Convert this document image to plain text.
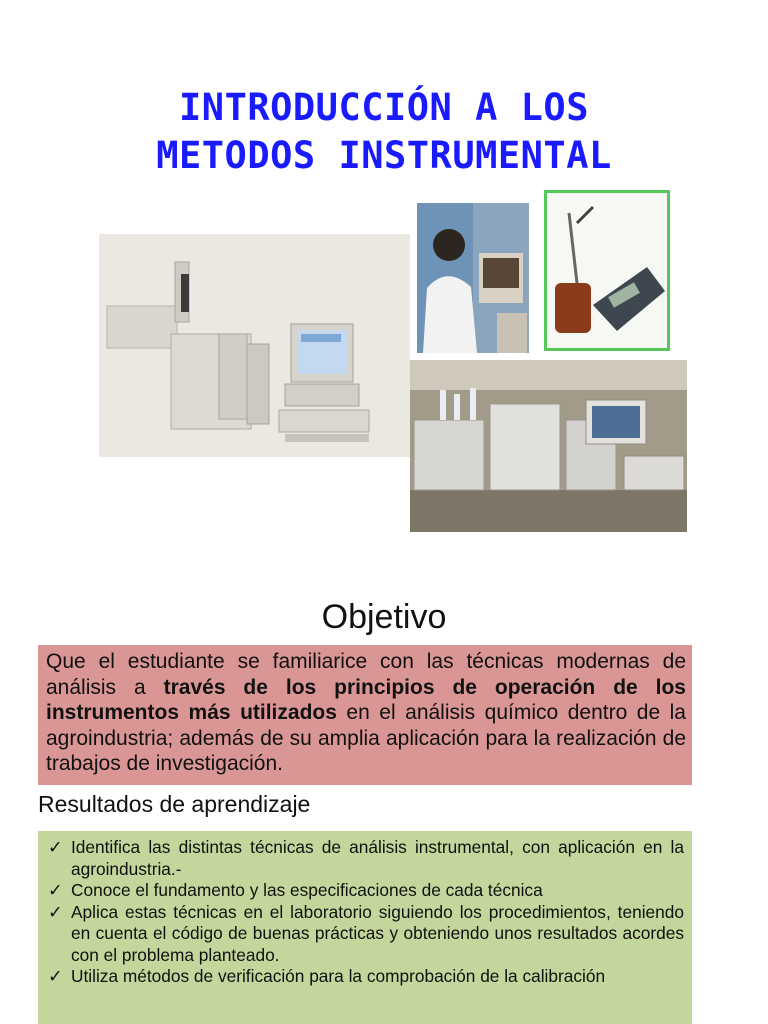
INTRODUCCIÓN A LOS
METODOS INSTRUMENTAL
Objetivo
Que el estudiante se familiarice con las técnicas modernas de análisis a través de los principios de operación de los instrumentos más utilizados en el análisis químico dentro de la agroindustria; además de su amplia aplicación para la realización de trabajos de investigación.
Resultados de aprendizaje
✓ Identifica las distintas técnicas de análisis instrumental, con aplicación en la agroindustria.-
✓ Conoce el fundamento y las especificaciones de cada técnica
✓ Aplica estas técnicas en el laboratorio siguiendo los procedimientos, teniendo en cuenta el código de buenas prácticas y obteniendo unos resultados acordes con el problema planteado.
✓ Utiliza métodos de verificación para la comprobación de la calibración
